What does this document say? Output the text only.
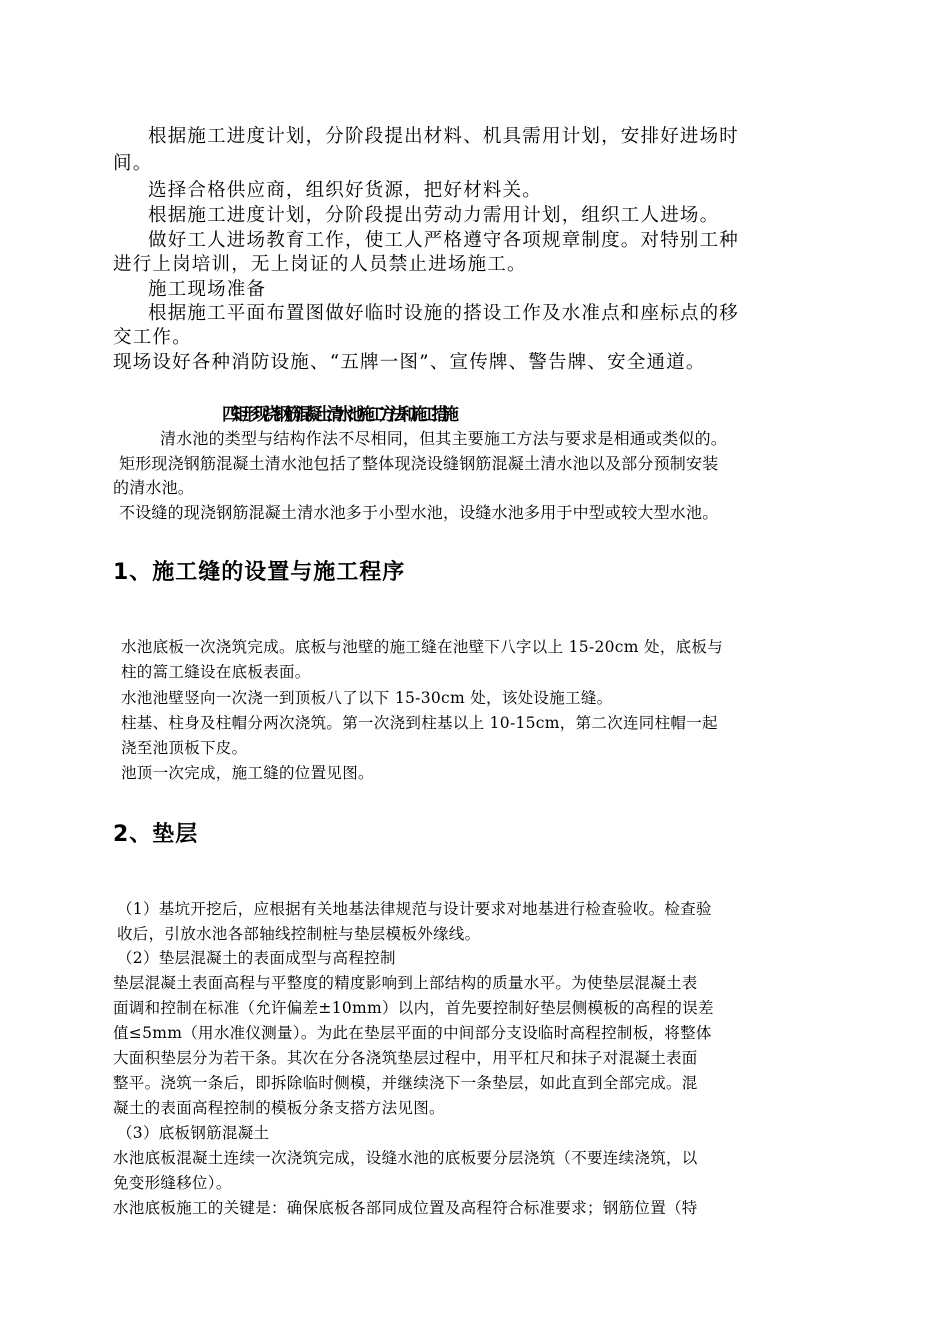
根据施工进度计划，分阶段提出材料、机具需用计划，安排好进场时
间。
选择合格供应商，组织好货源，把好材料关。
根据施工进度计划，分阶段提出劳动力需用计划，组织工人进场。
做好工人进场教育工作，使工人严格遵守各项规章制度。对特别工种
进行上岗培训，无上岗证的人员禁止进场施工。
施工现场准备
根据施工平面布置图做好临时设施的搭设工作及水准点和座标点的移
交工作。
现场设好各种消防设施、“五牌一图”、宣传牌、警告牌、安全通道。
四 矩形现浇钢筋混凝土清水池施工方法和施工措施
清水池的类型与结构作法不尽相同，但其主要施工方法与要求是相通或类似的。
矩形现浇钢筋混凝土清水池包括了整体现浇设缝钢筋混凝土清水池以及部分预制安装
的清水池。
不设缝的现浇钢筋混凝土清水池多于小型水池，设缝水池多用于中型或较大型水池。
1、施工缝的设置与施工程序
水池底板一次浇筑完成。底板与池壁的施工缝在池壁下八字以上 15-20cm 处，底板与
柱的篙工缝设在底板表面。
水池池壁竖向一次浇一到顶板八了以下 15-30cm 处，该处设施工缝。
柱基、柱身及柱帽分两次浇筑。第一次浇到柱基以上 10-15cm，第二次连同柱帽一起
浇至池顶板下皮。
池顶一次完成，施工缝的位置见图。
2、垫层
（1）基坑开挖后，应根据有关地基法律规范与设计要求对地基进行检查验收。检查验
收后，引放水池各部轴线控制桩与垫层模板外缘线。
（2）垫层混凝土的表面成型与高程控制
垫层混凝土表面高程与平整度的精度影响到上部结构的质量水平。为使垫层混凝土表
面调和控制在标准（允许偏差±10mm）以内，首先要控制好垫层侧模板的高程的误差
值≤5mm（用水准仪测量）。为此在垫层平面的中间部分支设临时高程控制板，将整体
大面积垫层分为若干条。其次在分各浇筑垫层过程中，用平杠尺和抹子对混凝土表面
整平。浇筑一条后，即拆除临时侧模，并继续浇下一条垫层，如此直到全部完成。混
凝土的表面高程控制的模板分条支搭方法见图。
（3）底板钢筋混凝土
水池底板混凝土连续一次浇筑完成，设缝水池的底板要分层浇筑（不要连续浇筑，以
免变形缝移位）。
水池底板施工的关键是：确保底板各部同成位置及高程符合标准要求；钢筋位置（特
